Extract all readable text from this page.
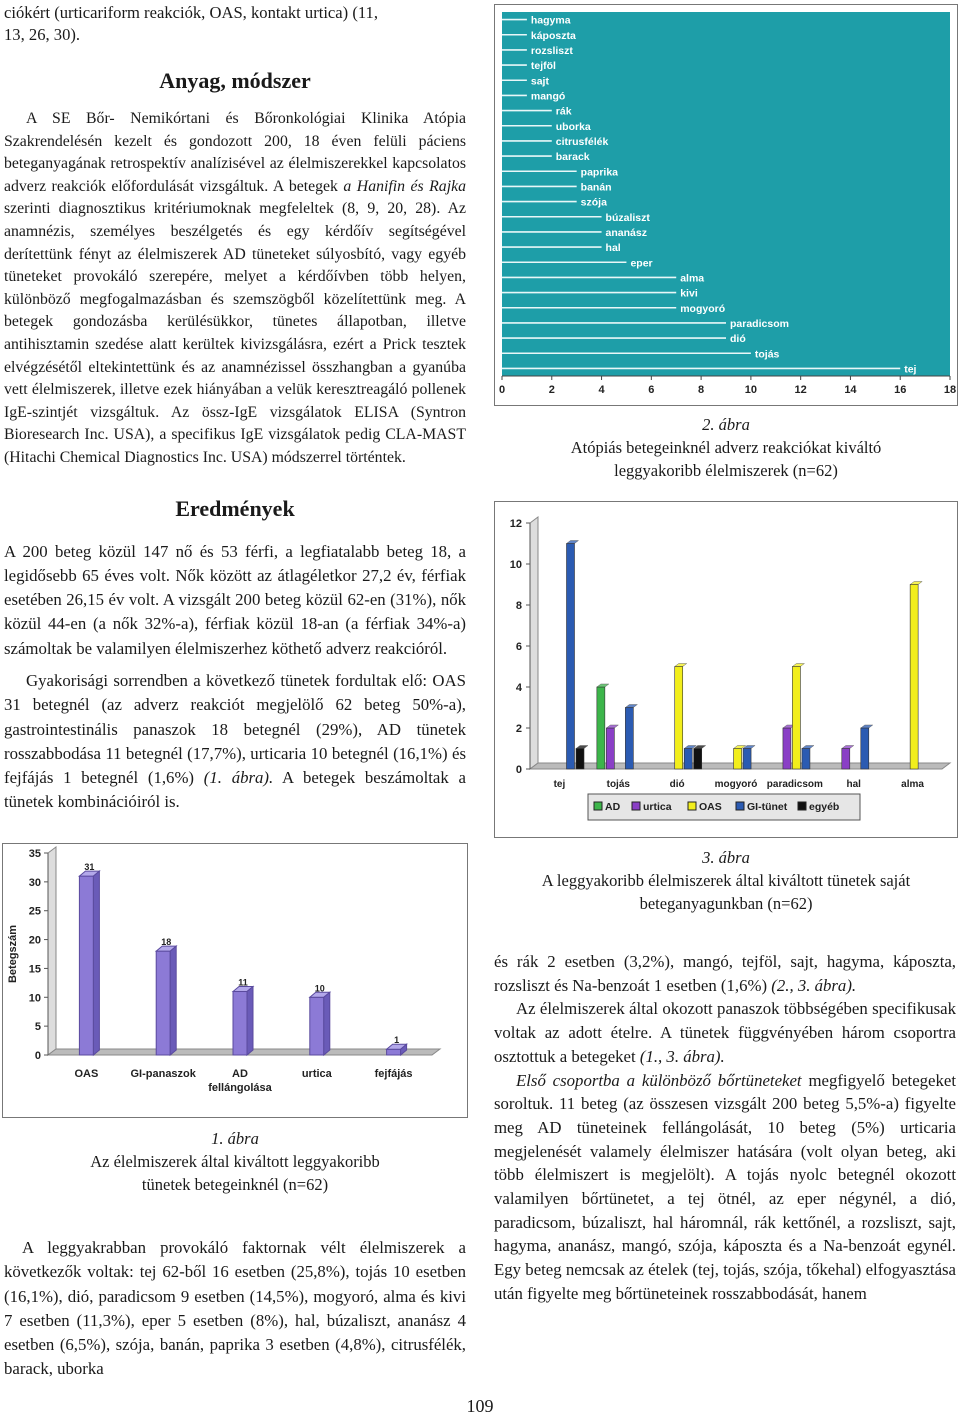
ciókért (urticariform reakciók, OAS, kontakt urtica) (11,

13, 26, 30).

Anyag, módszer

A SE Bőr- Nemikórtani és Bőronkológiai Klinika Atópia Szakrendelésén kezelt és gondozott 200, 18 éven felüli páciens beteganyagának retrospektív analízisével az élelmiszerekkel kapcsolatos adverz reakciók előfordulását vizsgáltuk. A betegek a Hanifin és Rajka szerinti diagnosztikus kritériumoknak megfeleltek (8, 9, 20, 28). Az anamnézis, személyes beszélgetés és egy kérdőív segítségével derítettünk fényt az élelmiszerek AD tüneteket súlyosbító, vagy egyéb tüneteket provokáló szerepére, melyet a kérdőívben több helyen, különböző megfogalmazásban és szemszögből közelítettünk meg. A betegek gondozásba kerülésükkor, tünetes állapotban, illetve antihisztamin szedése alatt kerültek kivizsgálásra, ezért a Prick tesztek elvégzésétől eltekintettünk és az anamnézissel összhangban a gyanúba vett élelmiszerek, illetve ezek hiányában a velük keresztreagáló pollenek IgE-szintjét vizsgáltuk. Az össz-IgE vizsgálatok ELISA (Syntron Bioresearch Inc. USA), a specifikus IgE vizsgálatok pedig CLA-MAST (Hitachi Chemical Diagnostics Inc. USA) módszerrel történtek.

Eredmények

A 200 beteg közül 147 nő és 53 férfi, a legfiatalabb beteg 18, a legidősebb 65 éves volt. Nők között az átlagéletkor 27,2 év, férfiak esetében 26,15 év volt. A vizsgált 200 beteg közül 62-en (31%), nők közül 44-en (a nők 32%-a), férfiak közül 18-an (a férfiak 34%-a) számoltak be valamilyen élelmiszerhez köthető adverz reakcióról.

Gyakorisági sorrendben a következő tünetek fordultak elő: OAS 31 betegnél (az adverz reakciót megjelölő 62 beteg 50%-a), gastrointestinális panaszok 18 betegnél (29%), AD tünetek rosszabbodása 11 betegnél (17,7%), urticaria 10 betegnél (16,1%) és fejfájás 1 betegnél (1,6%) (1. ábra). A betegek beszámoltak a tünetek kombinációiról is.

0
5
10
15
20
25
30
35
Betegszám
31
OAS
18
GI-panaszok
11
AD
fellángolása
10
urtica
1
fejfájás
1. ábra
Az élelmiszerek által kiváltott leggyakoribb
tünetek betegeinknél (n=62)

A leggyakrabban provokáló faktornak vélt élelmiszerek a következők voltak: tej 62-ből 16 esetben (25,8%), tojás 10 esetben (16,1%), dió, paradicsom 9 esetben (14,5%), mogyoró, alma és kivi 7 esetben (11,3%), eper 5 esetben (8%), hal, búzaliszt, ananász 4 esetben (6,5%), szója, banán, paprika 3 esetben (4,8%), citrusfélék, barack, uborka

hagyma
káposzta
rozsliszt
tejföl
sajt
mangó
rák
uborka
citrusfélék
barack
paprika
banán
szója
búzaliszt
ananász
hal
eper
alma
kivi
mogyoró
paradicsom
dió
tojás
tej
0	2	4	6	8	10	12	14	16	18
2. ábra
Atópiás betegeinknél adverz reakciókat kiváltó
leggyakoribb élelmiszerek (n=62)
0
2
4
6
8
10
12
tej	tojás	dió	mogyoró paradicsom hal	alma
AD urtica	OAS GI-tünet egyéb
3. ábra
A leggyakoribb élelmiszerek által kiváltott tünetek saját
beteganyagunkban (n=62)

és rák 2 esetben (3,2%), mangó, tejföl, sajt, hagyma, káposzta, rozsliszt és Na-benzoát 1 esetben (1,6%) (2., 3. ábra).

Az élelmiszerek által okozott panaszok többségében specifikusak voltak az adott ételre. A tünetek függvényében három csoportra osztottuk a betegeket (1., 3. ábra).

Első csoportba a különböző bőrtüneteket megfigyelő betegeket soroltuk. 11 beteg (az összesen vizsgált 200 beteg 5,5%-a) figyelte meg AD tüneteinek fellángolását, 10 beteg (5%) urticaria megjelenését valamely élelmiszer hatására (volt olyan beteg, aki több élelmiszert is megjelölt). A tojás nyolc betegnél okozott valamilyen bőrtünetet, a tej ötnél, az eper négynél, a dió, paradicsom, búzaliszt, hal háromnál, rák kettőnél, a rozsliszt, sajt, hagyma, ananász, mangó, szója, káposzta és a Na-benzoát egynél. Egy beteg nemcsak az ételek (tej, tojás, szója, tőkehal) elfogyasztása után figyelte meg bőrtüneteinek rosszabbodását, hanem

109
